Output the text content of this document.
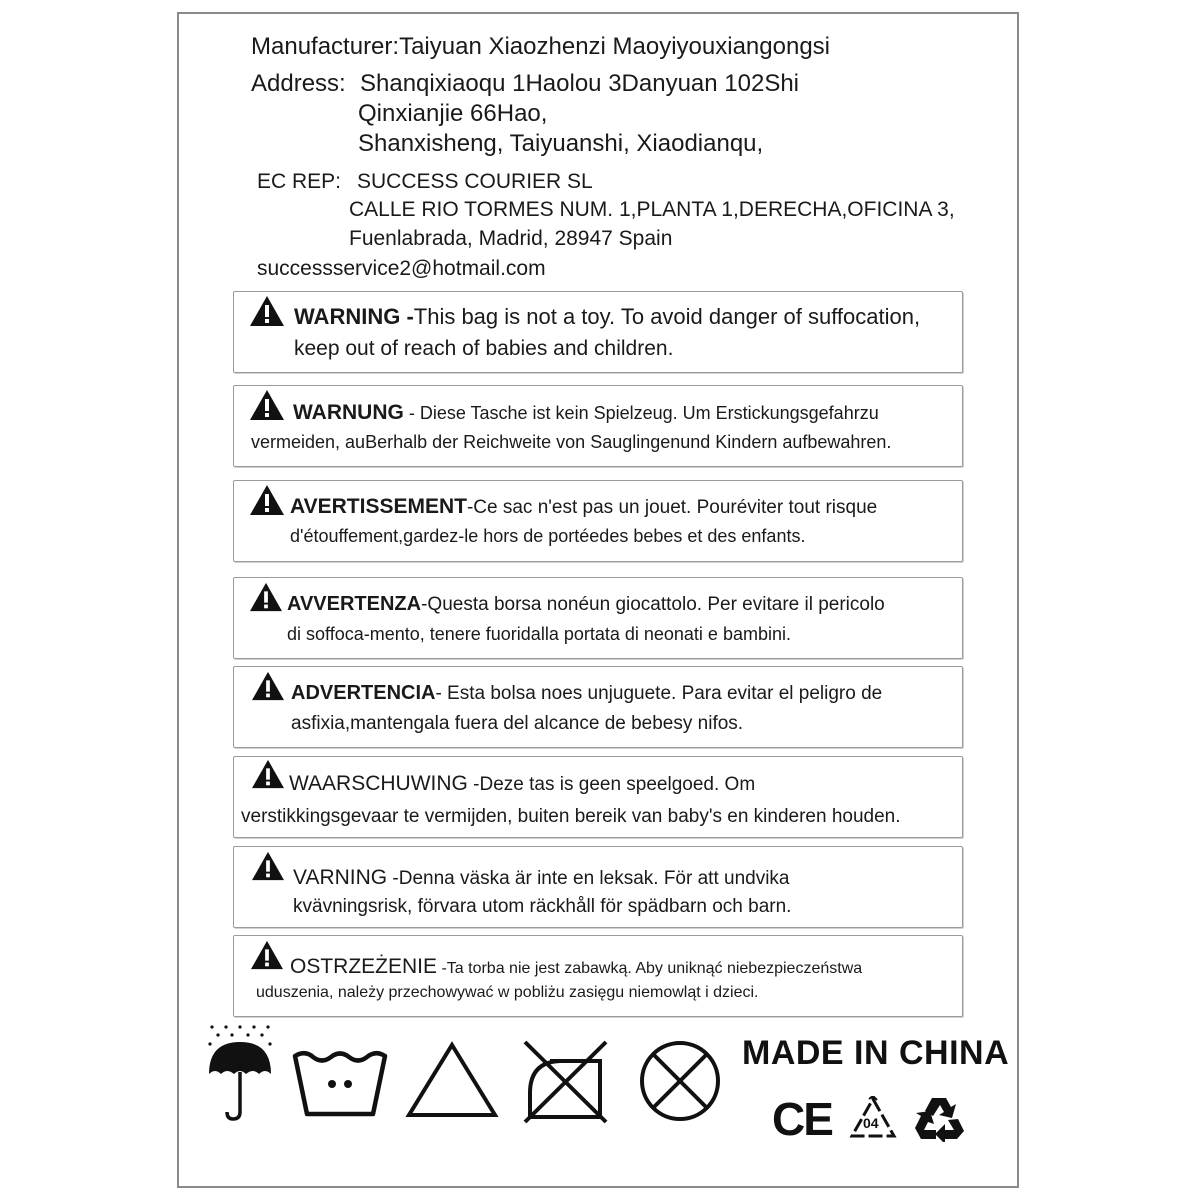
Manufacturer:Taiyuan Xiaozhenzi Maoyiyouxiangongsi
Address: Shanqixiaoqu 1Haolou 3Danyuan 102Shi
Qinxianjie 66Hao,
Shanxisheng, Taiyuanshi, Xiaodianqu,
EC REP: SUCCESS COURIER SL
CALLE RIO TORMES NUM. 1,PLANTA 1,DERECHA,OFICINA 3,
Fuenlabrada, Madrid, 28947 Spain
successservice2@hotmail.com
WARNING -This bag is not a toy. To avoid danger of suffocation,
keep out of reach of babies and children.
WARNUNG - Diese Tasche ist kein Spielzeug. Um Erstickungsgefahrzu
vermeiden, auBerhalb der Reichweite von Sauglingenund Kindern aufbewahren.
AVERTISSEMENT-Ce sac n'est pas un jouet. Pouréviter tout risque
d'étouffement,gardez-le hors de portéedes bebes et des enfants.
AVVERTENZA-Questa borsa nonéun giocattolo. Per evitare il pericolo
di soffoca-mento, tenere fuoridalla portata di neonati e bambini.
ADVERTENCIA- Esta bolsa noes unjuguete. Para evitar el peligro de
asfixia,mantengala fuera del alcance de bebesy nifos.
WAARSCHUWING -Deze tas is geen speelgoed. Om
verstikkingsgevaar te vermijden, buiten bereik van baby's en kinderen houden.
VARNING -Denna väska är inte en leksak. För att undvika
kvävningsrisk, förvara utom räckhåll för spädbarn och barn.
OSTRZEŻENIE -Ta torba nie jest zabawką. Aby uniknąć niebezpieczeństwa
uduszenia, należy przechowywać w pobliżu zasięgu niemowląt i dzieci.
MADE IN CHINA
CE 04
